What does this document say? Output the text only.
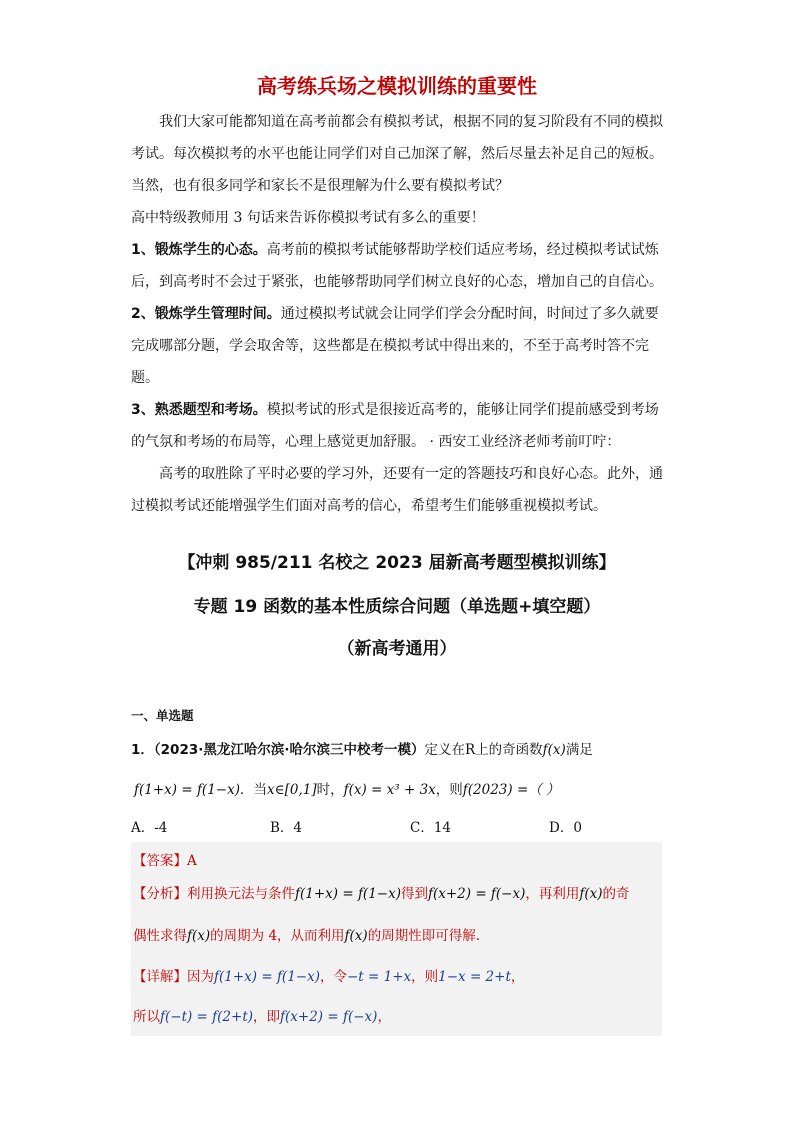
高考练兵场之模拟训练的重要性

我们大家可能都知道在高考前都会有模拟考试，根据不同的复习阶段有不同的模拟考试。每次模拟考的水平也能让同学们对自己加深了解，然后尽量去补足自己的短板。当然，也有很多同学和家长不是很理解为什么要有模拟考试？

高中特级教师用 3 句话来告诉你模拟考试有多么的重要！

1、锻炼学生的心态。高考前的模拟考试能够帮助学校们适应考场，经过模拟考试试炼后，到高考时不会过于紧张，也能够帮助同学们树立良好的心态，增加自己的自信心。

2、锻炼学生管理时间。通过模拟考试就会让同学们学会分配时间，时间过了多久就要完成哪部分题，学会取舍等，这些都是在模拟考试中得出来的，不至于高考时答不完题。

3、熟悉题型和考场。模拟考试的形式是很接近高考的，能够让同学们提前感受到考场的气氛和考场的布局等，心理上感觉更加舒服。 · 西安工业经济老师考前叮咛：

高考的取胜除了平时必要的学习外，还要有一定的答题技巧和良好心态。此外，通过模拟考试还能增强学生们面对高考的信心，希望考生们能够重视模拟考试。

【冲刺 985/211 名校之 2023 届新高考题型模拟训练】
专题 19 函数的基本性质综合问题（单选题+填空题）
（新高考通用）
一、单选题
1．（2023·黑龙江哈尔滨·哈尔滨三中校考一模）定义在R上的奇函数f(x)满足
f(1+x) = f(1−x)．当x∈[0,1]时，f(x) = x³ + 3x，则f(2023) =（ ）
A．-4	B．4	C．14	D．0
【答案】A
【分析】利用换元法与条件f(1+x) = f(1−x)得到f(x+2) = f(−x)，再利用f(x)的奇
偶性求得f(x)的周期为 4，从而利用f(x)的周期性即可得解.
【详解】因为f(1+x) = f(1−x)，令−t = 1+x，则1−x = 2+t，
所以f(−t) = f(2+t)，即f(x+2) = f(−x)，
